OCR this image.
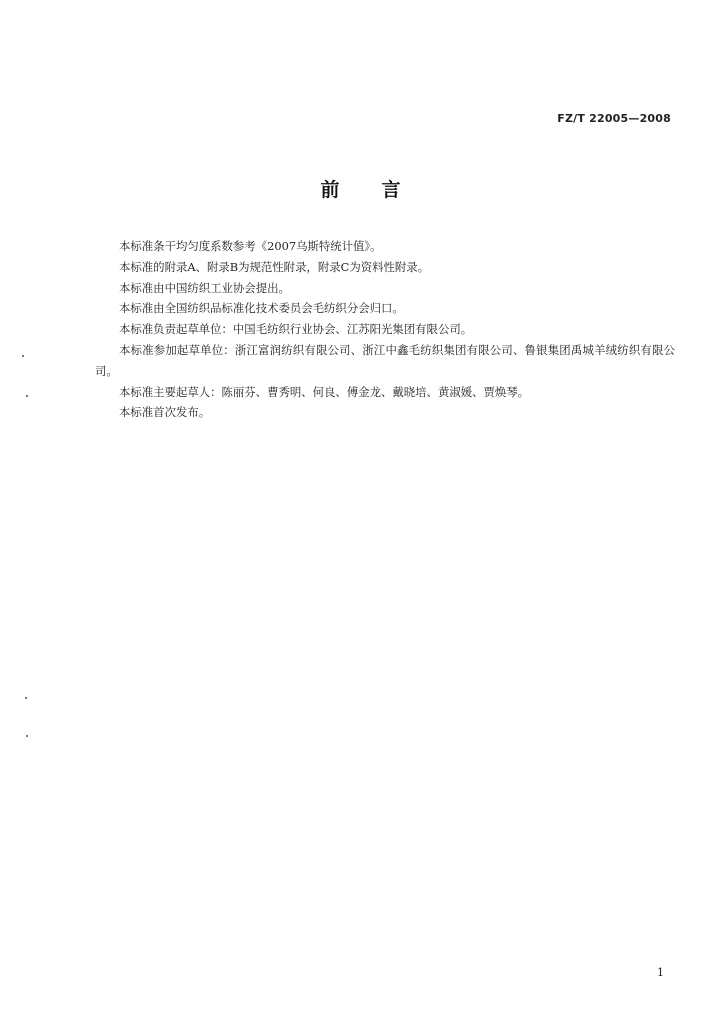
FZ/T 22005—2008
前 言

本标准条干均匀度系数参考《2007乌斯特统计值》。

本标准的附录A、附录B为规范性附录，附录C为资料性附录。

本标准由中国纺织工业协会提出。

本标准由全国纺织品标准化技术委员会毛纺织分会归口。

本标准负责起草单位：中国毛纺织行业协会、江苏阳光集团有限公司。

本标准参加起草单位：浙江富润纺织有限公司、浙江中鑫毛纺织集团有限公司、鲁银集团禹城羊绒纺织有限公司。

本标准主要起草人：陈丽芬、曹秀明、何良、傅金龙、戴晓培、黄淑媛、贾焕琴。

本标准首次发布。

1
